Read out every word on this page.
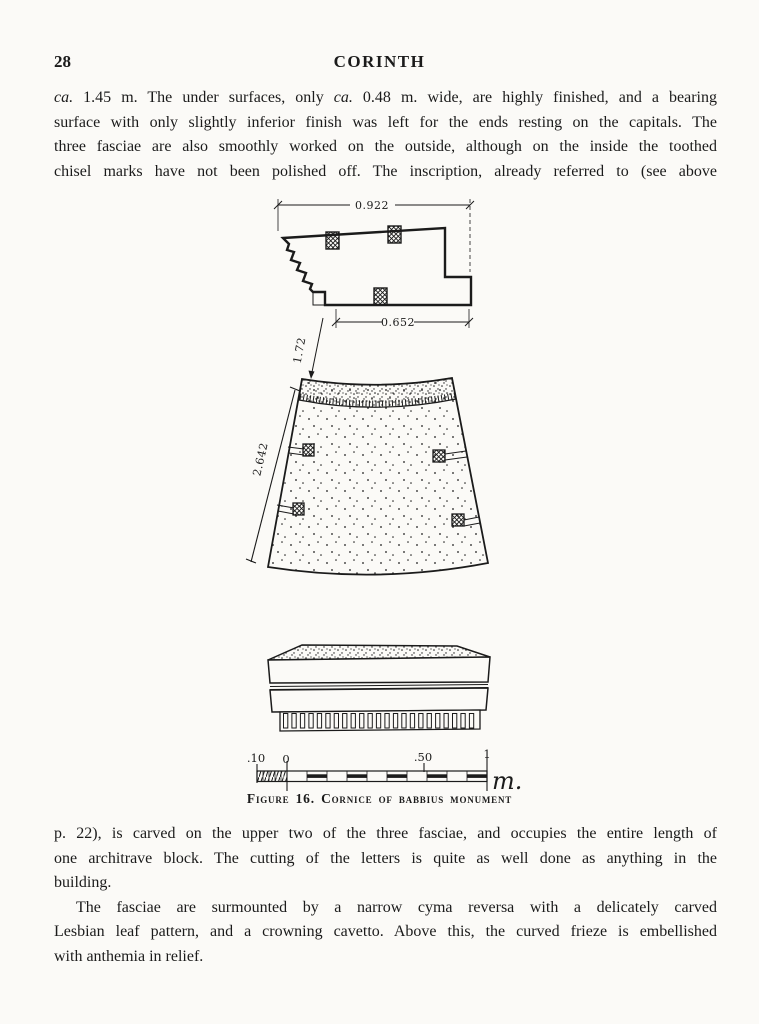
28	CORINTH
ca. 1.45 m. The under surfaces, only ca. 0.48 m. wide, are highly finished, and a bearing
surface with only slightly inferior finish was left for the ends resting on the capitals. The
three fasciae are also smoothly worked on the outside, although on the inside the toothed
chisel marks have not been polished off. The inscription, already referred to (see above
0.922
0.652
1.72
2.642
.10 0	.50	1
m.
Figure 16. Cornice of babbius monument
p. 22), is carved on the upper two of the three fasciae, and occupies the entire length of
one architrave block. The cutting of the letters is quite as well done as anything in the
building.
The fasciae are surmounted by a narrow cyma reversa with a delicately carved
Lesbian leaf pattern, and a crowning cavetto. Above this, the curved frieze is embellished
with anthemia in relief.
